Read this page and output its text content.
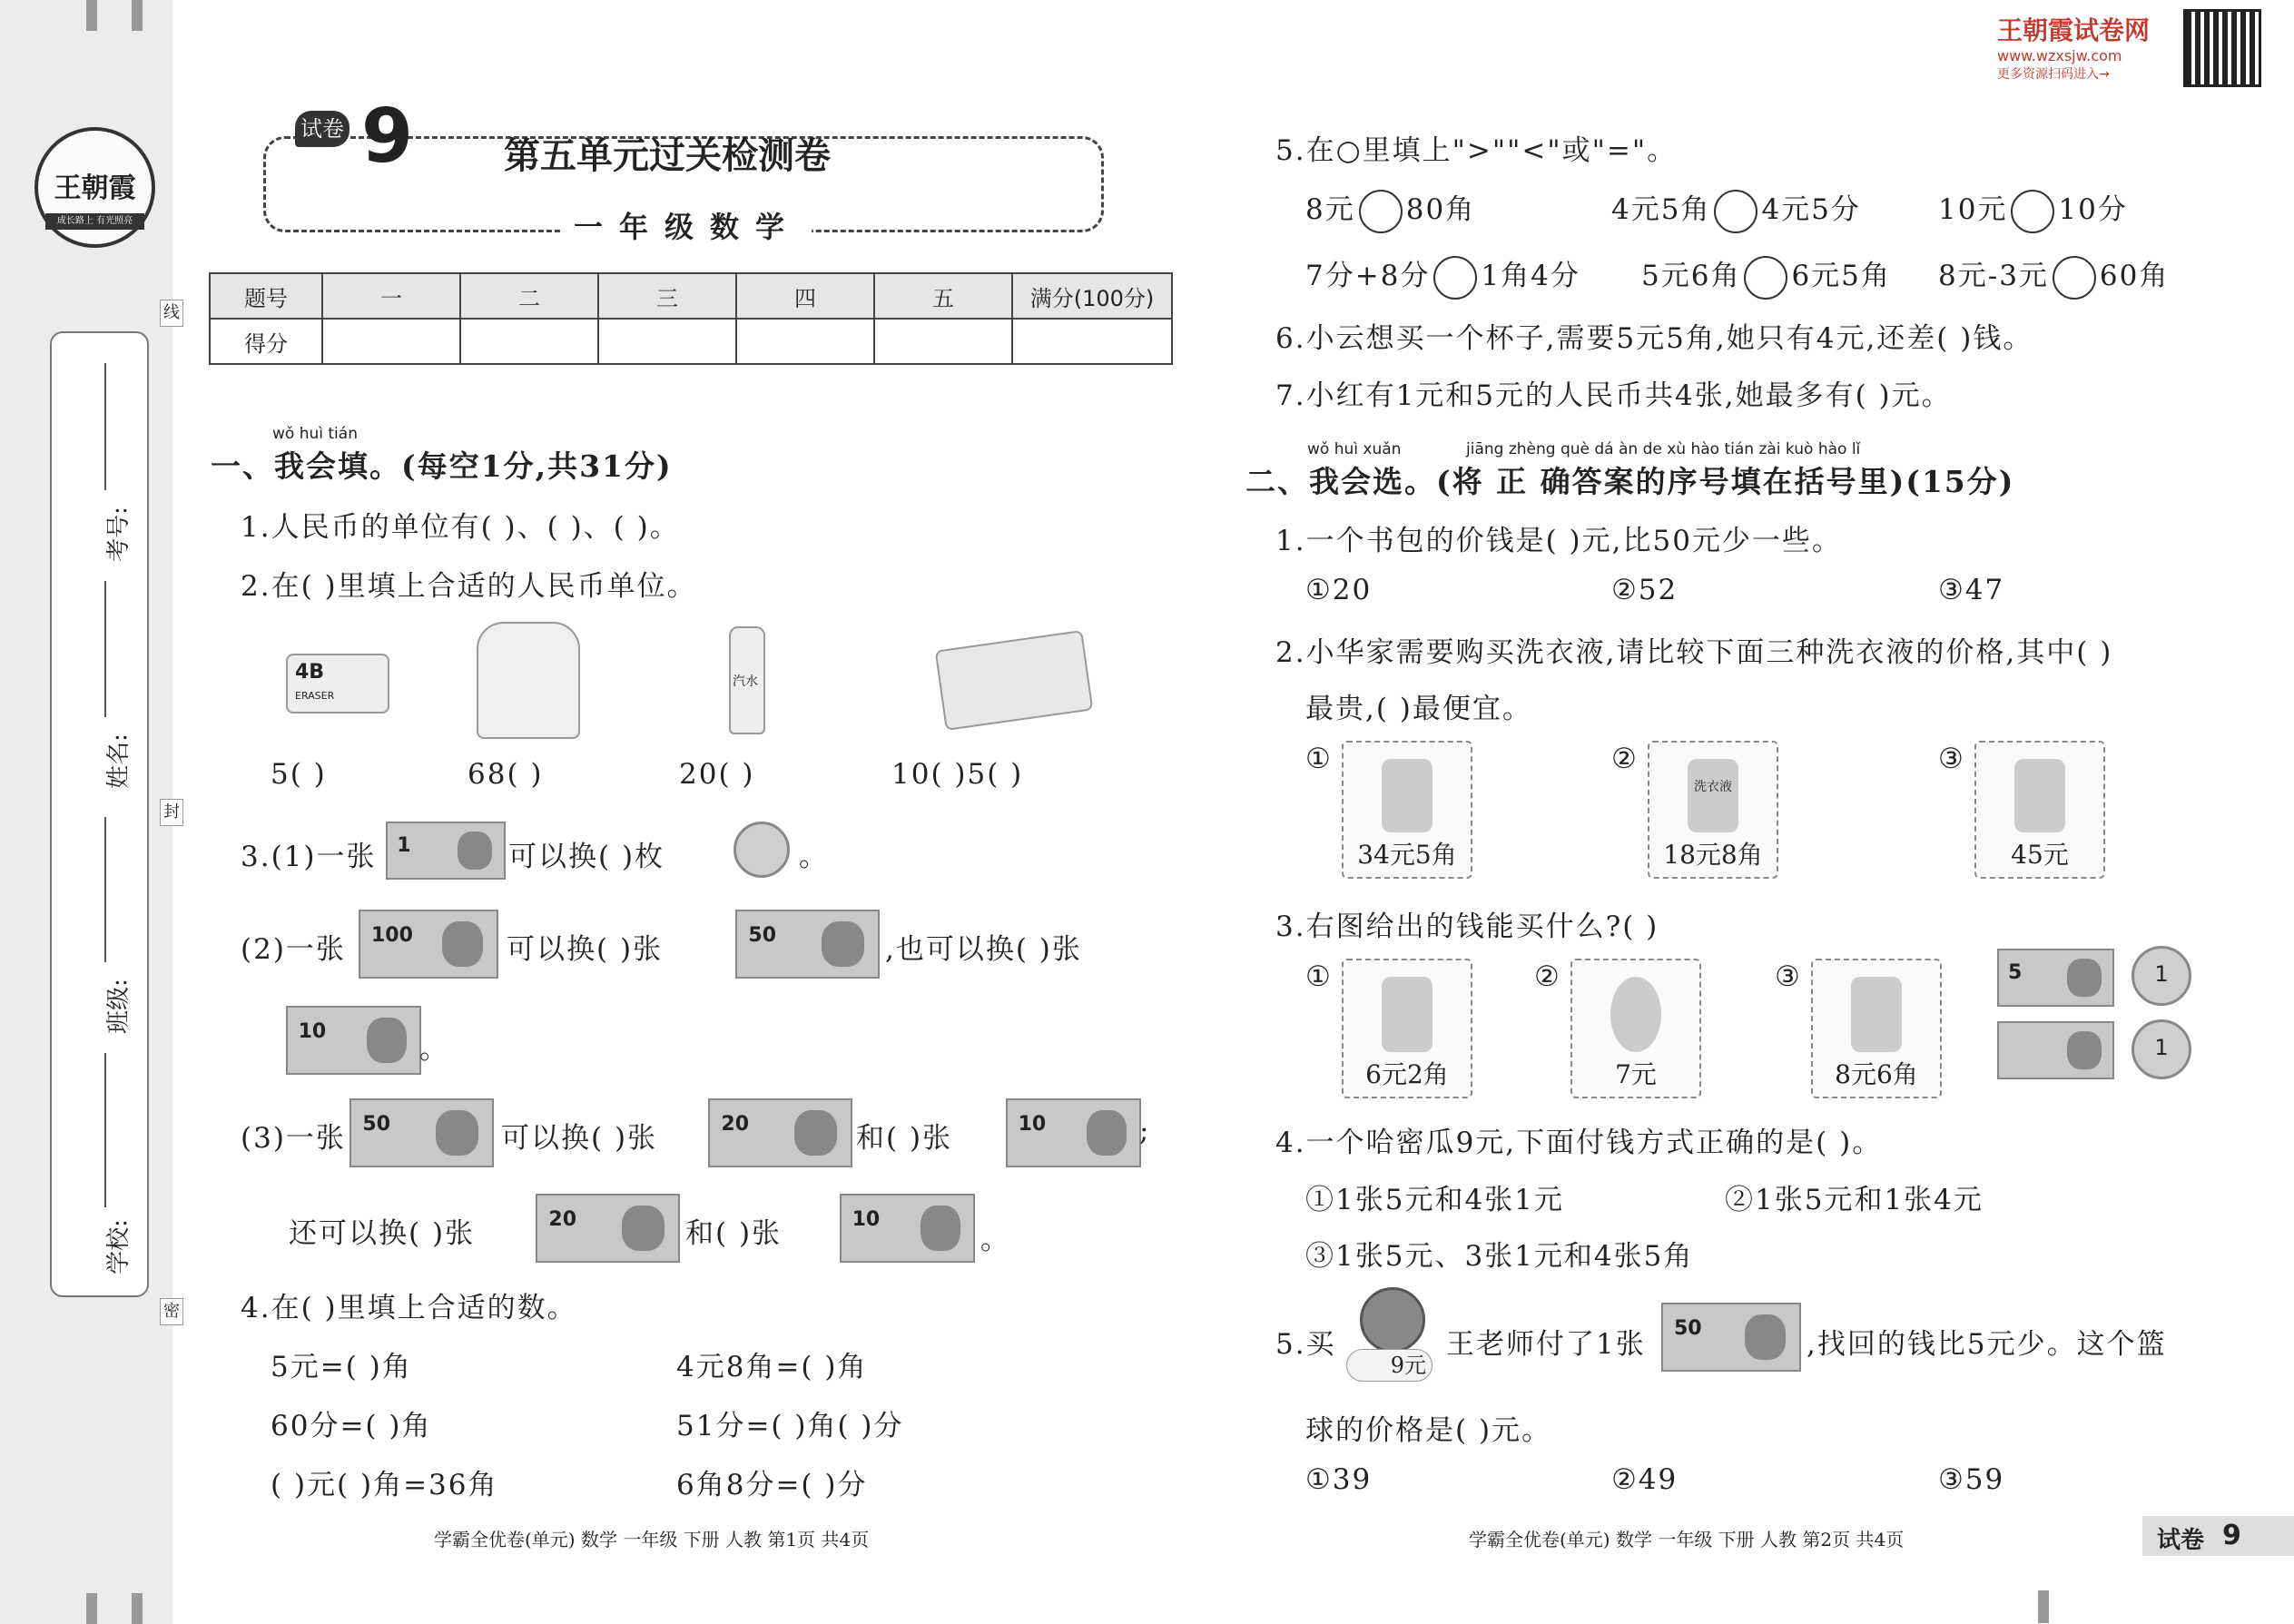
王朝霞
成长路上 有光照亮
考号:
姓名:
班级:
学校:
线
封
密
试卷 9 第五单元过关检测卷
一年级数学
王朝霞试卷网
www.wzxsjw.com
更多资源扫码进入→
题号	一	二	三	四	五	满分(100分)
得分						
wǒ huì tián
一、我会填。(每空1分,共31分)
1.人民币的单位有( )、( )、( )。
2.在( )里填上合适的人民币单位。
4B
ERASER
汽水
5( )	68( )	20( )	10( )5( )
3.(1)一张 1	可以换( )枚	。
(2)一张 100	可以换( )张	50	,也可以换( )张
10
。
(3)一张 50	可以换( )张	20	和( )张	10	;
还可以换( )张	20	和( )张	10
。
4.在( )里填上合适的数。
5元=( )角	4元8角=( )角
60分=( )角	51分=( )角( )分
( )元( )角=36角	6角8分=( )分
学霸全优卷(单元) 数学 一年级 下册 人教 第1页 共4页
5.在○里填上">""<"或"="。
8元 80角	4元5角 4元5分	10元 10分
7分+8分 1角4分 5元6角 6元5角 8元-3元 60角
6.小云想买一个杯子,需要5元5角,她只有4元,还差( )钱。
7.小红有1元和5元的人民币共4张,她最多有( )元。
wǒ huì xuǎn	jiāng zhèng què dá àn de xù hào tián zài kuò hào lǐ
二、我会选。(将 正 确答案的序号填在括号里)(15分)
1.一个书包的价钱是( )元,比50元少一些。
①20	②52	③47
2.小华家需要购买洗衣液,请比较下面三种洗衣液的价格,其中( )
最贵,( )最便宜。
①
34元5角
②
洗衣液
18元8角
③
45元
3.右图给出的钱能买什么?( )
①
6元2角
②
7元
③
8元6角
5	1
1
4.一个哈密瓜9元,下面付钱方式正确的是( )。
①1张5元和4张1元	②1张5元和1张4元
③1张5元、3张1元和4张5角
5.买
9元
王老师付了1张 50	,找回的钱比5元少。这个篮
球的价格是( )元。
①39	②49	③59
学霸全优卷(单元) 数学 一年级 下册 人教 第2页 共4页	试卷 9
